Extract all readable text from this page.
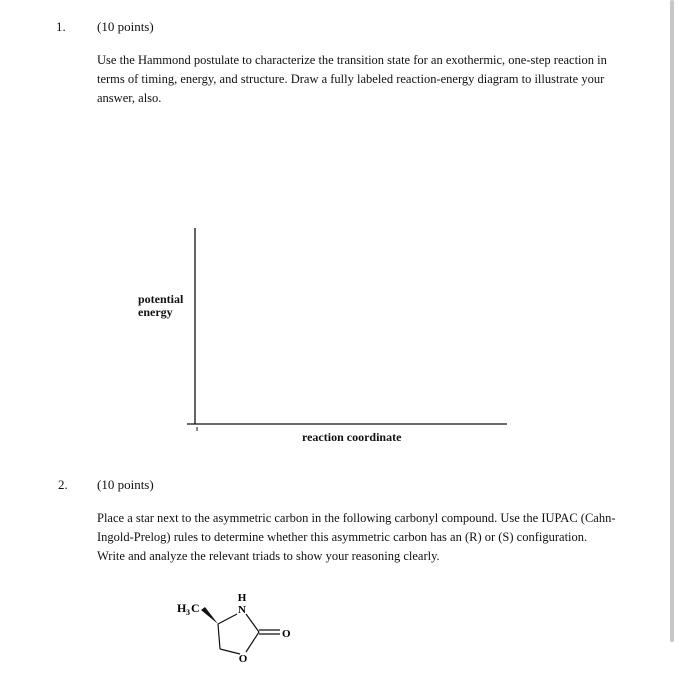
1. (10 points)
Use the Hammond postulate to characterize the transition state for an exothermic, one-step reaction in terms of timing, energy, and structure. Draw a fully labeled reaction-energy diagram to illustrate your answer, also.
potential
energy
reaction coordinate
2. (10 points)
Place a star next to the asymmetric carbon in the following carbonyl compound. Use the IUPAC (Cahn-Ingold-Prelog) rules to determine whether this asymmetric carbon has an (R) or (S) configuration. Write and analyze the relevant triads to show your reasoning clearly.
H 3 C
H
N
O
O
